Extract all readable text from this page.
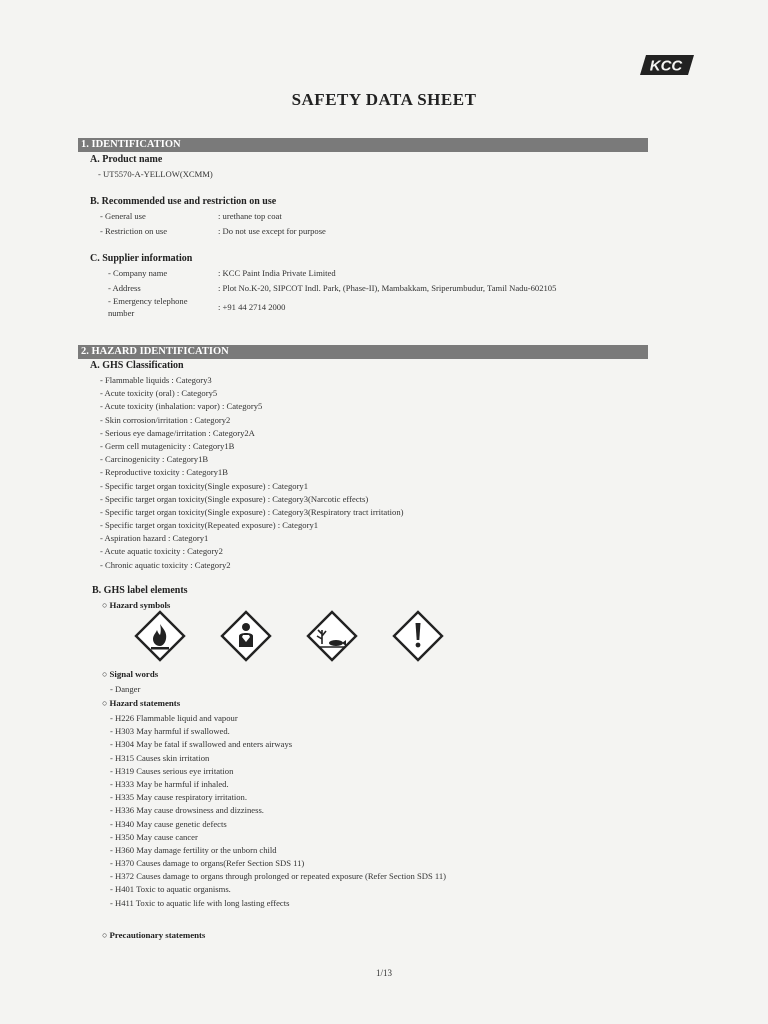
KCC
SAFETY DATA SHEET
1. IDENTIFICATION
A. Product name
- UT5570-A-YELLOW(XCMM)
B. Recommended use and restriction on use
- General use	: urethane top coat
- Restriction on use	: Do not use except for purpose
C. Supplier information
- Company name	: KCC Paint India Private Limited
- Address	: Plot No.K-20, SIPCOT Indl. Park, (Phase-II), Mambakkam, Sriperumbudur, Tamil Nadu-602105
- Emergency telephone
number
: +91 44 2714 2000
2. HAZARD IDENTIFICATION
A. GHS Classification
- Flammable liquids : Category3
- Acute toxicity (oral) : Category5
- Acute toxicity (inhalation: vapor) : Category5
- Skin corrosion/irritation : Category2
- Serious eye damage/irritation : Category2A
- Germ cell mutagenicity : Category1B
- Carcinogenicity : Category1B
- Reproductive toxicity : Category1B
- Specific target organ toxicity(Single exposure) : Category1
- Specific target organ toxicity(Single exposure) : Category3(Narcotic effects)
- Specific target organ toxicity(Single exposure) : Category3(Respiratory tract irritation)
- Specific target organ toxicity(Repeated exposure) : Category1
- Aspiration hazard : Category1
- Acute aquatic toxicity : Category2
- Chronic aquatic toxicity : Category2
B. GHS label elements
○ Hazard symbols
○ Signal words
- Danger
○ Hazard statements
- H226 Flammable liquid and vapour
- H303 May harmful if swallowed.
- H304 May be fatal if swallowed and enters airways
- H315 Causes skin irritation
- H319 Causes serious eye irritation
- H333 May be harmful if inhaled.
- H335 May cause respiratory irritation.
- H336 May cause drowsiness and dizziness.
- H340 May cause genetic defects
- H350 May cause cancer
- H360 May damage fertility or the unborn child
- H370 Causes damage to organs(Refer Section SDS 11)
- H372 Causes damage to organs through prolonged or repeated exposure (Refer Section SDS 11)
- H401 Toxic to aquatic organisms.
- H411 Toxic to aquatic life with long lasting effects
○ Precautionary statements
1/13
